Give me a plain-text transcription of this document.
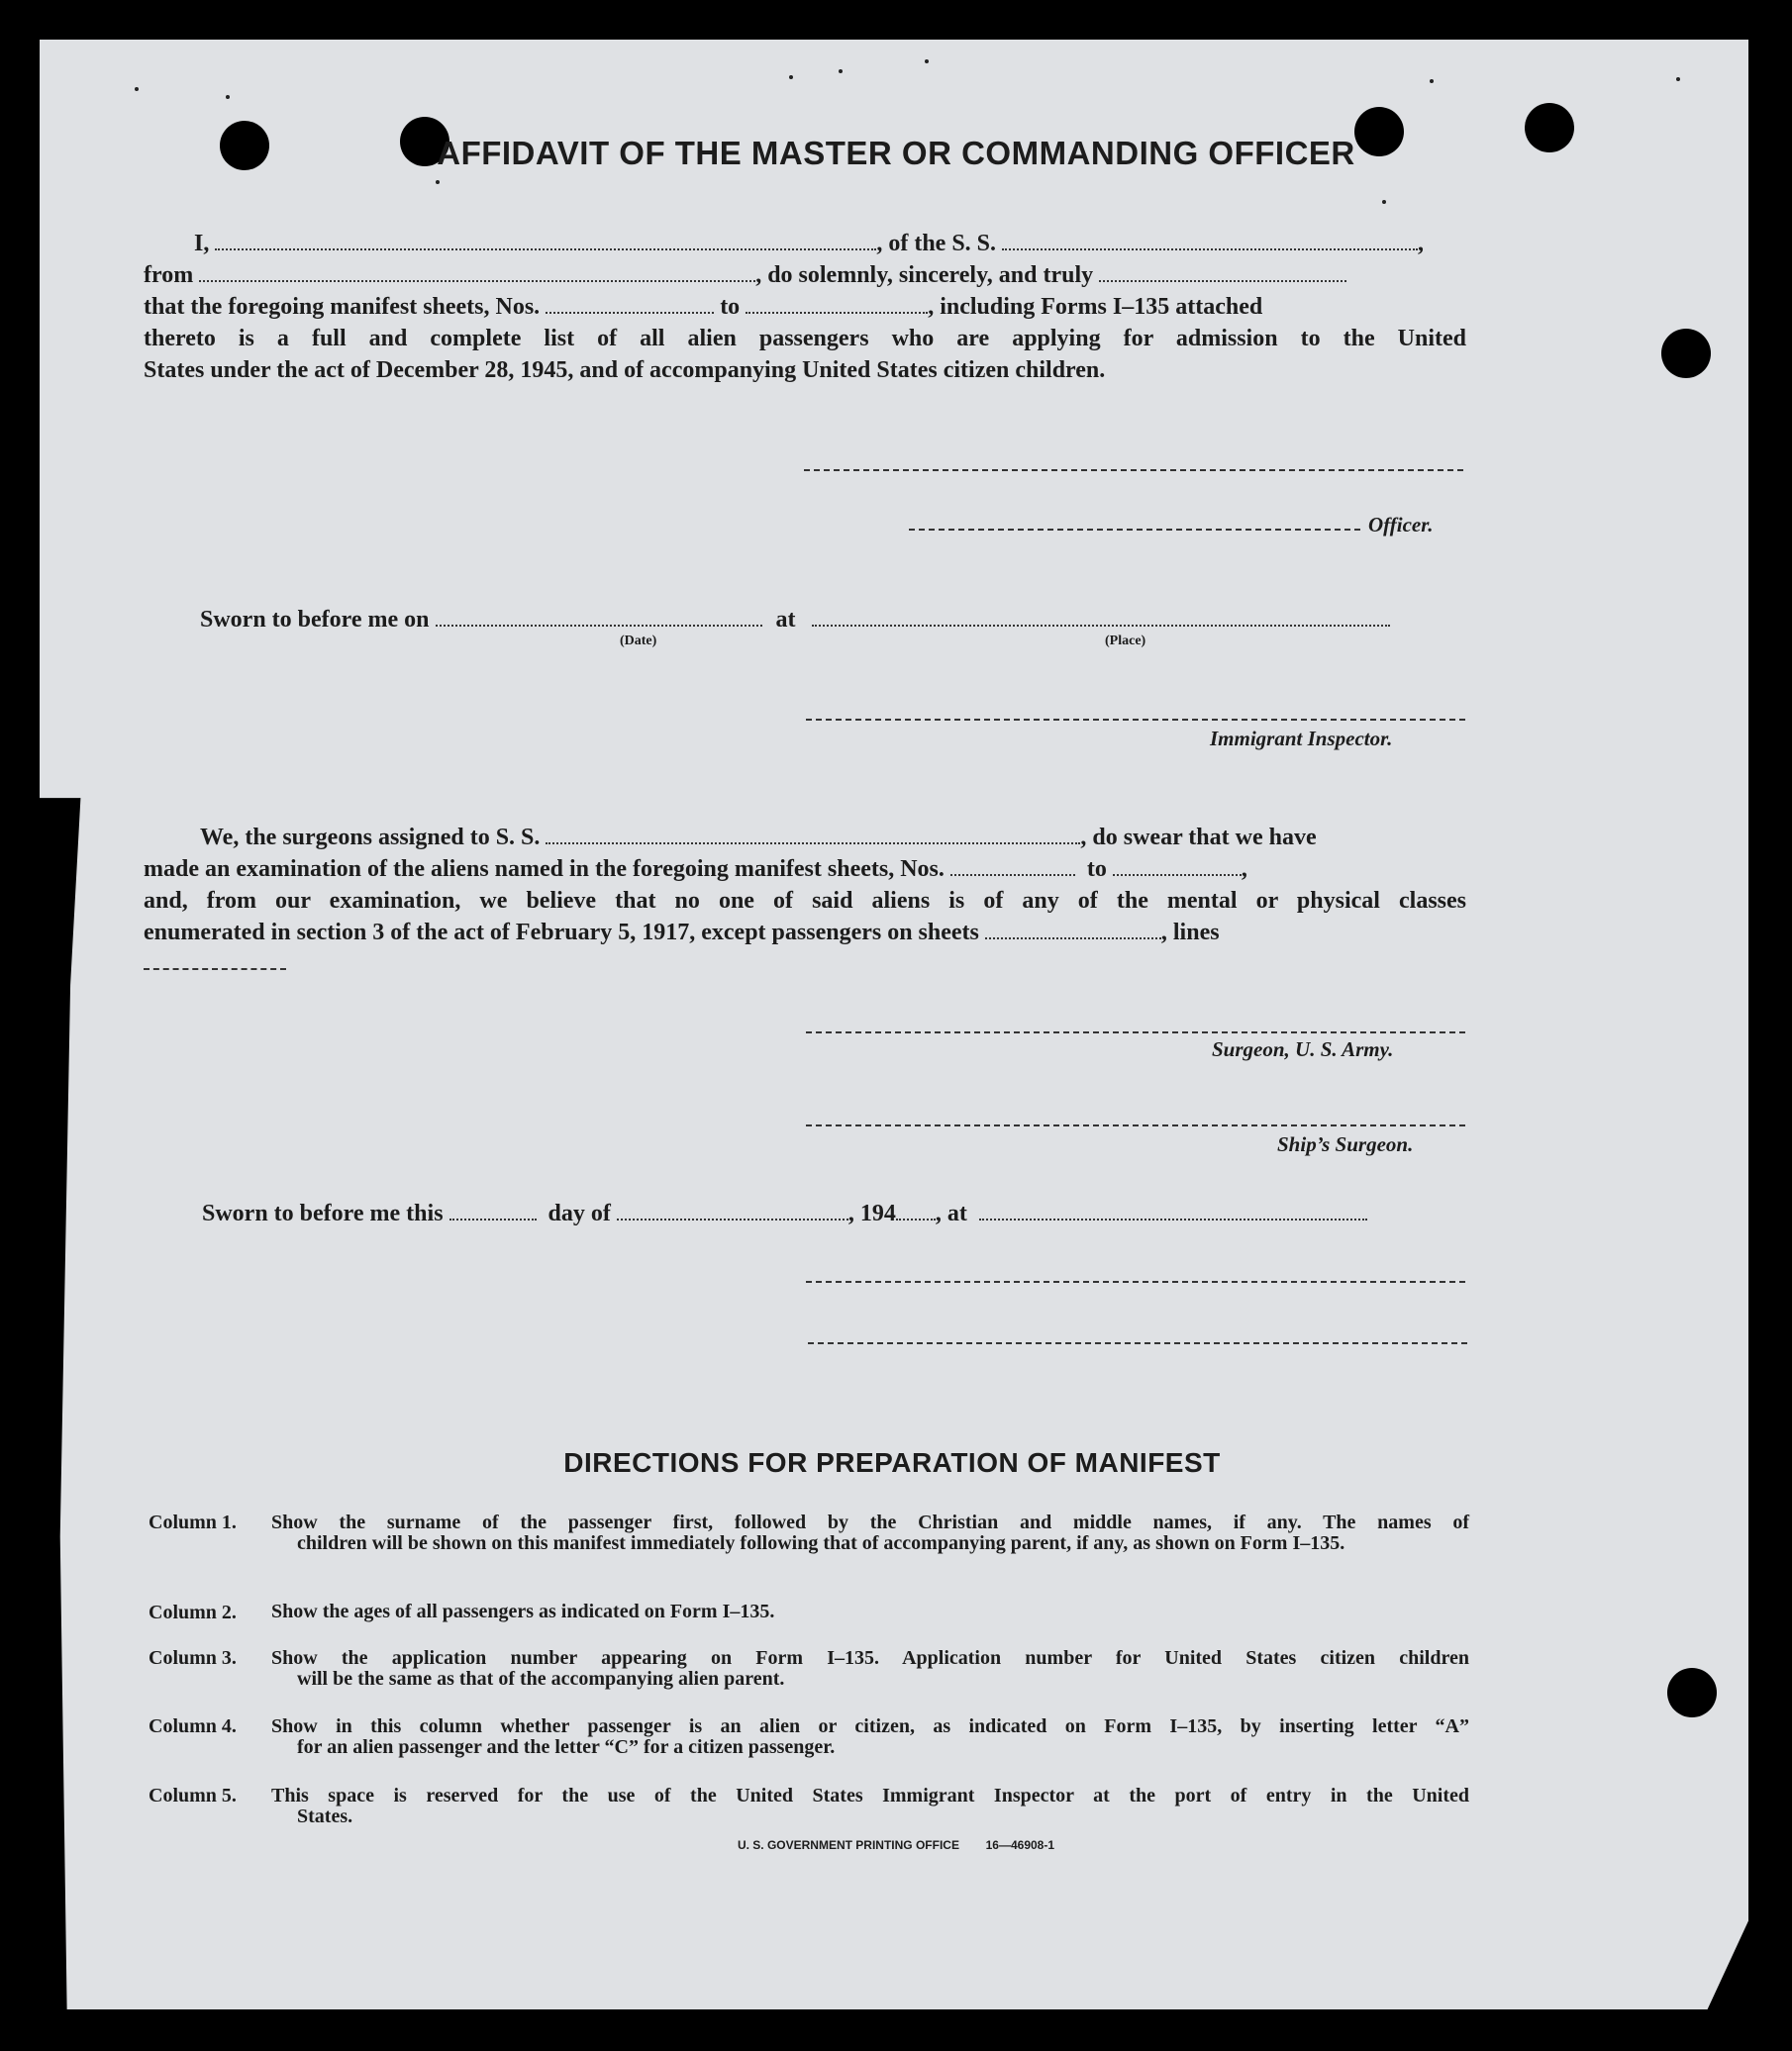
AFFIDAVIT OF THE MASTER OR COMMANDING OFFICER
I,	, of the S. S.	,
from	, do solemnly, sincerely, and truly
that the foregoing manifest sheets, Nos.	to	, including Forms I–135 attached
thereto is a full and complete list of all alien passengers who are applying for admission to the United
States under the act of December 28, 1945, and of accompanying United States citizen children.
Officer.
Sworn to before me on	at
(Date)	(Place)
Immigrant Inspector.
We, the surgeons assigned to S. S.	, do swear that we have
made an examination of the aliens named in the foregoing manifest sheets, Nos.	to	,
and, from our examination, we believe that no one of said aliens is of any of the mental or physical classes
enumerated in section 3 of the act of February 5, 1917, except passengers on sheets	, lines
Surgeon, U. S. Army.
Ship’s Surgeon.
Sworn to before me this	day of	, 194 , at
DIRECTIONS FOR PREPARATION OF MANIFEST
Column 1. Show the surname of the passenger first, followed by the Christian and middle names, if any. The names of
children will be shown on this manifest immediately following that of accompanying parent, if any, as shown on Form I–135.
Column 2. Show the ages of all passengers as indicated on Form I–135.
Column 3. Show the application number appearing on Form I–135. Application number for United States citizen children
will be the same as that of the accompanying alien parent.
Column 4. Show in this column whether passenger is an alien or citizen, as indicated on Form I–135, by inserting letter “A”
for an alien passenger and the letter “C” for a citizen passenger.
Column 5. This space is reserved for the use of the United States Immigrant Inspector at the port of entry in the United
States.
U. S. GOVERNMENT PRINTING OFFICE        16—46908-1
